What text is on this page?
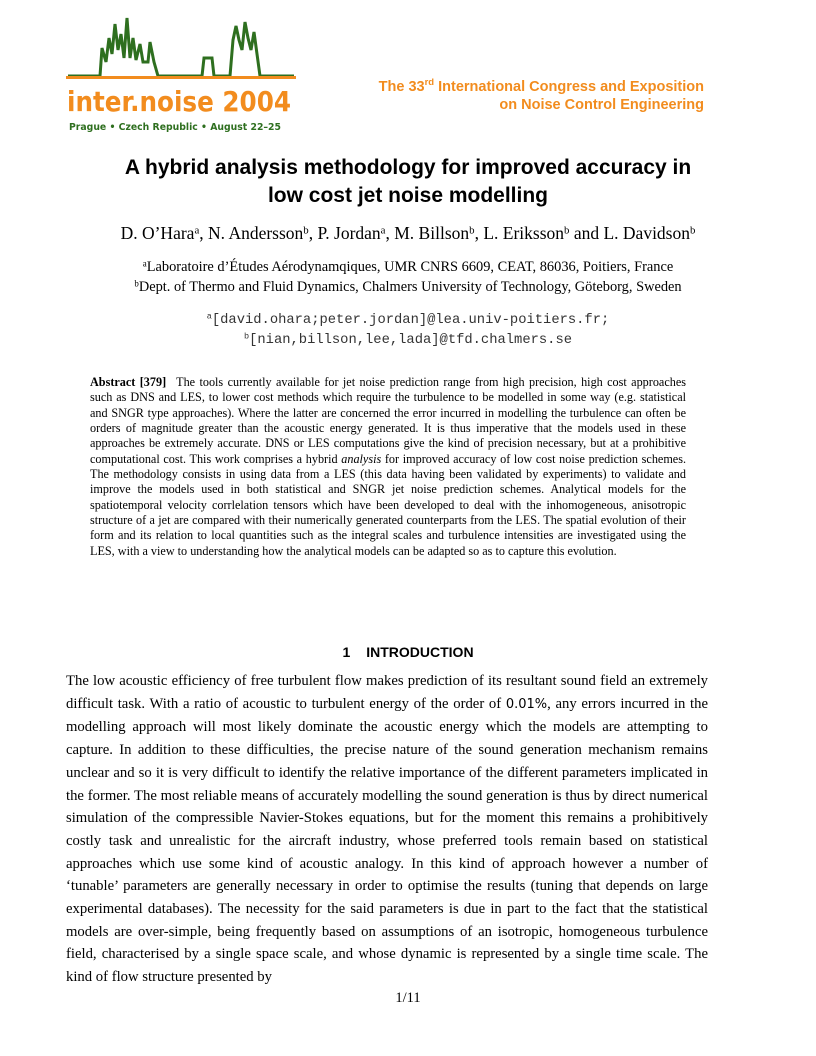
inter.noise 2004
Prague • Czech Republic • August 22–25
The 33rd International Congress and Exposition
on Noise Control Engineering
A hybrid analysis methodology for improved accuracy in
low cost jet noise modelling
D. O’Hara$^a$, N. Andersson$^b$, P. Jordan$^a$, M. Billson$^b$, L. Eriksson$^b$ and L. Davidson$^b$
$^a$Laboratoire d’Études Aérodynamqiques, UMR CNRS 6609, CEAT, 86036, Poitiers, France
$^b$Dept. of Thermo and Fluid Dynamics, Chalmers University of Technology, Göteborg, Sweden
$^a$[david.ohara;peter.jordan]@lea.univ-poitiers.fr;
$^b$[nian,billson,lee,lada]@tfd.chalmers.se
Abstract [379] The tools currently available for jet noise prediction range from high precision, high cost approaches such as DNS and LES, to lower cost methods which require the turbulence to be modelled in some way (e.g. statistical and SNGR type approaches). Where the latter are concerned the error incurred in modelling the turbulence can often be orders of magnitude greater than the acoustic energy generated. It is thus imperative that the models used in these approaches be extremely accurate. DNS or LES computations give the kind of precision necessary, but at a prohibitive computational cost. This work comprises a hybrid analysis for improved accuracy of low cost noise prediction schemes. The methodology consists in using data from a LES (this data having been validated by experiments) to validate and improve the models used in both statistical and SNGR jet noise prediction schemes. Analytical models for the spatiotemporal velocity corrlelation tensors which have been developed to deal with the inhomogeneous, anisotropic structure of a jet are compared with their numerically generated counterparts from the LES. The spatial evolution of their form and its relation to local quantities such as the integral scales and turbulence intensities are investigated using the LES, with a view to understanding how the analytical models can be adapted so as to capture this evolution.
1 INTRODUCTION
The low acoustic efficiency of free turbulent flow makes prediction of its resultant sound field an extremely difficult task. With a ratio of acoustic to turbulent energy of the order of 0.01%, any errors incurred in the modelling approach will most likely dominate the acoustic energy which the models are attempting to capture. In addition to these difficulties, the precise nature of the sound generation mechanism remains unclear and so it is very difficult to identify the relative importance of the different parameters implicated in the former. The most reliable means of accurately modelling the sound generation is thus by direct numerical simulation of the compressible Navier-Stokes equations, but for the moment this remains a prohibitively costly task and unrealistic for the aircraft industry, whose preferred tools remain based on statistical approaches which use some kind of acoustic analogy. In this kind of approach however a number of ‘tunable’ parameters are generally necessary in order to optimise the results (tuning that depends on large experimental databases). The necessity for the said parameters is due in part to the fact that the statistical models are over-simple, being frequently based on assumptions of an isotropic, homogeneous turbulence field, characterised by a single space scale, and whose dynamic is represented by a single time scale. The kind of flow structure presented by
1/11
